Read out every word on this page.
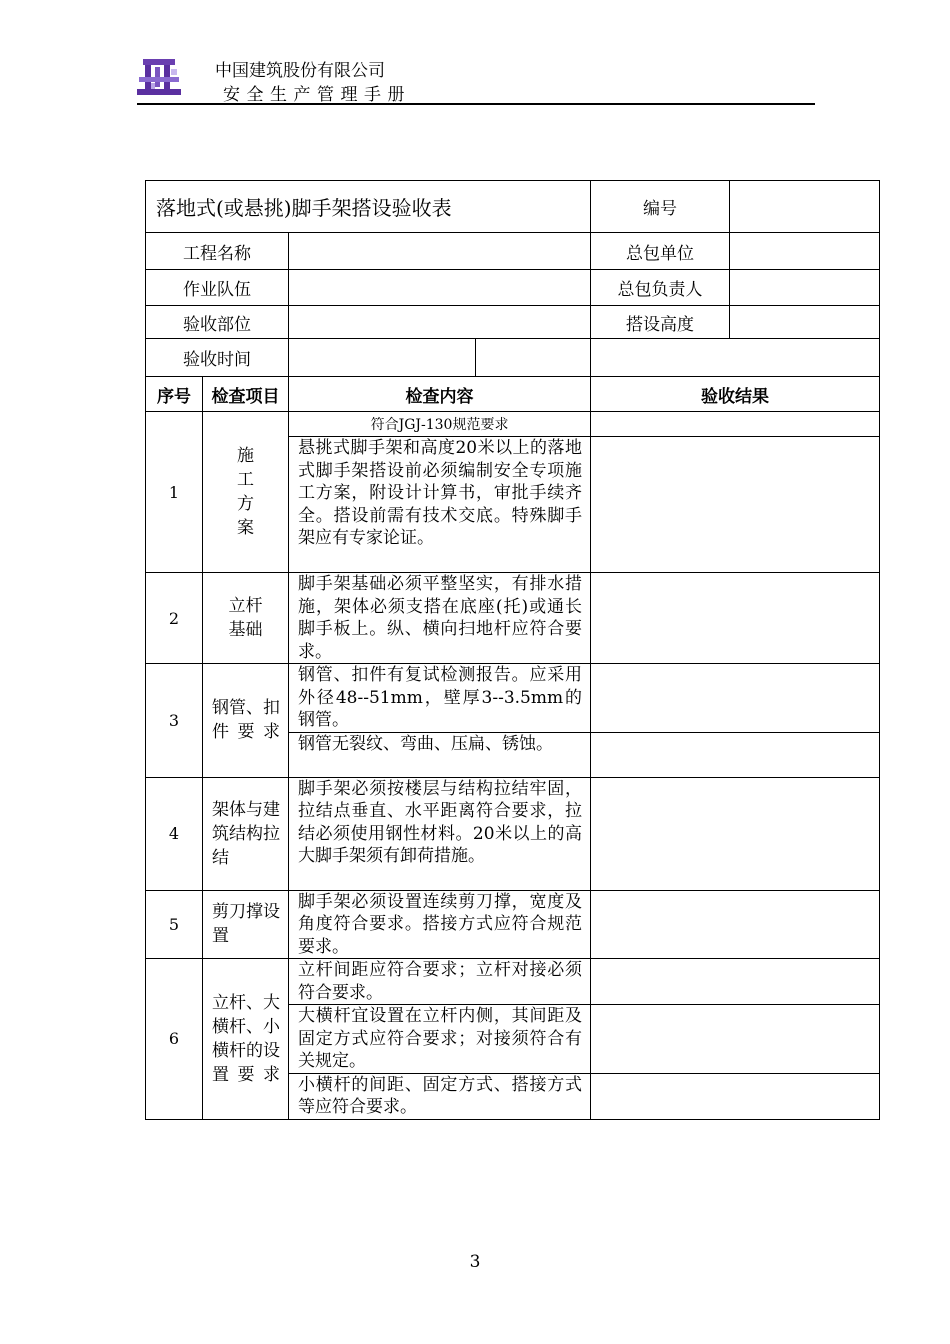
中国建筑股份有限公司
安全生产管理手册
落地式(或悬挑)脚手架搭设验收表				编号	
工程名称				总包单位	
作业队伍				总包负责人	
验收部位				搭设高度	
验收时间					
序号	检查项目	检查内容		验收结果	
1	施工方案	符合JGJ-130规范要求			
		悬挑式脚手架和高度20米以上的落地式脚手架搭设前必须编制安全专项施工方案，附设计计算书，审批手续齐全。搭设前需有技术交底。特殊脚手架应有专家论证。			
2	立杆基础	脚手架基础必须平整坚实，有排水措施，架体必须支搭在底座(托)或通长脚手板上。纵、横向扫地杆应符合要求。			
3	钢管、扣件要求	钢管、扣件有复试检测报告。应采用外径48--51mm，壁厚3--3.5mm的钢管。			
		钢管无裂纹、弯曲、压扁、锈蚀。			
4	架体与建筑结构拉结	脚手架必须按楼层与结构拉结牢固，拉结点垂直、水平距离符合要求，拉结必须使用钢性材料。20米以上的高大脚手架须有卸荷措施。			
5	剪刀撑设置	脚手架必须设置连续剪刀撑，宽度及角度符合要求。搭接方式应符合规范要求。			
6	立杆、大横杆、小横杆的设置要求	立杆间距应符合要求；立杆对接必须符合要求。			
		大横杆宜设置在立杆内侧，其间距及固定方式应符合要求；对接须符合有关规定。			
		小横杆的间距、固定方式、搭接方式等应符合要求。			
3
